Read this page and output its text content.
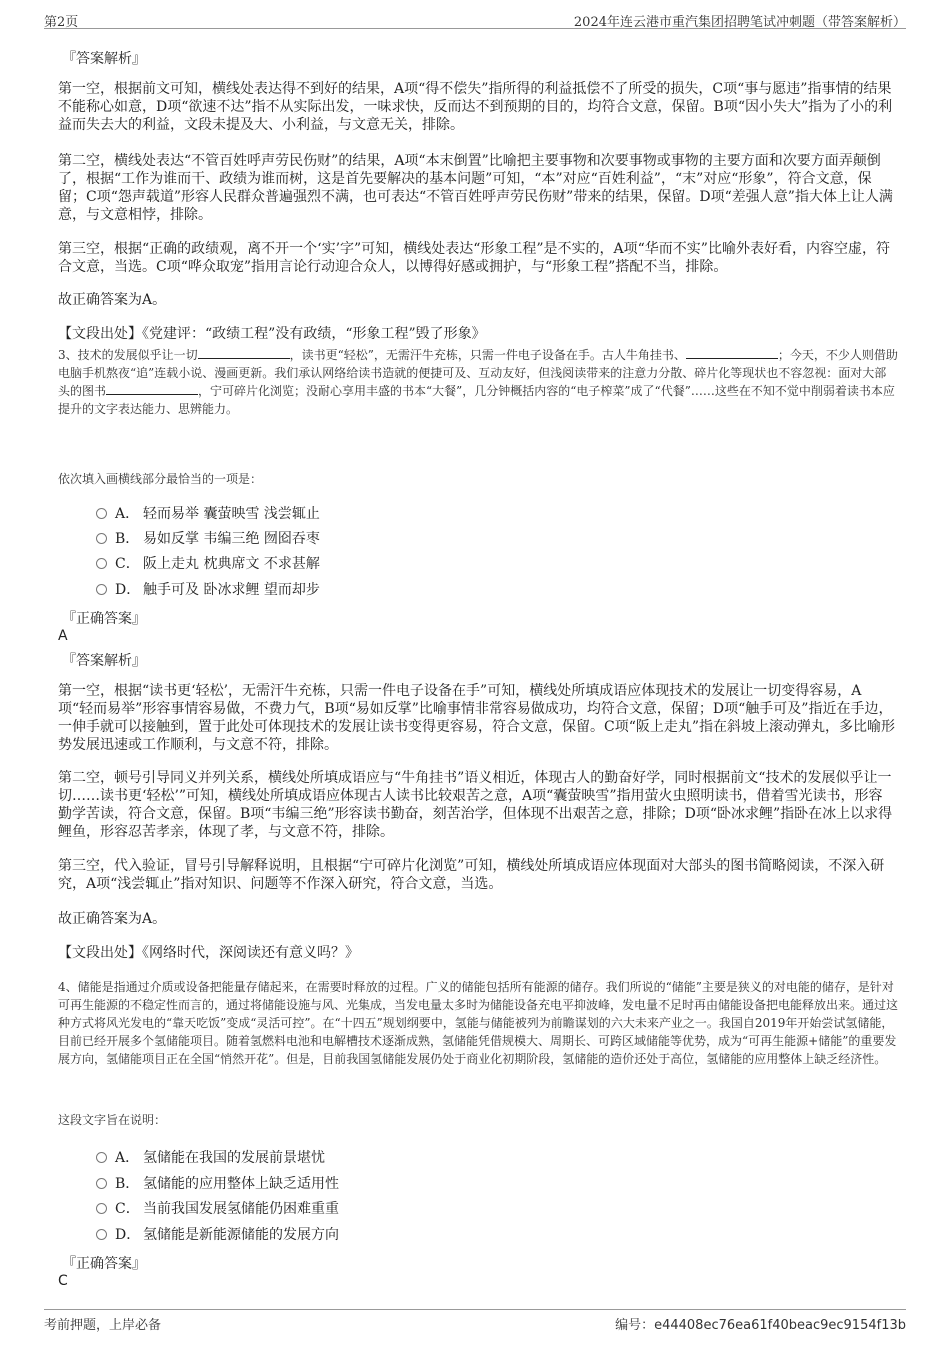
第2页	2024年连云港市重汽集团招聘笔试冲刺题（带答案解析）
『答案解析』

第一空，根据前文可知，横线处表达得不到好的结果，A项“得不偿失”指所得的利益抵偿不了所受的损失，C项“事与愿违”指事情的结果不能称心如意，D项“欲速不达”指不从实际出发，一味求快，反而达不到预期的目的，均符合文意，保留。B项“因小失大”指为了小的利益而失去大的利益，文段未提及大、小利益，与文意无关，排除。

第二空，横线处表达“不管百姓呼声劳民伤财”的结果，A项“本末倒置”比喻把主要事物和次要事物或事物的主要方面和次要方面弄颠倒了，根据“工作为谁而干、政绩为谁而树，这是首先要解决的基本问题”可知，“本”对应“百姓利益”，“末”对应“形象”，符合文意，保留；C项“怨声载道”形容人民群众普遍强烈不满，也可表达“不管百姓呼声劳民伤财”带来的结果，保留。D项“差强人意”指大体上让人满意，与文意相悖，排除。

第三空，根据“正确的政绩观，离不开一个‘实’字”可知，横线处表达“形象工程”是不实的，A项“华而不实”比喻外表好看，内容空虚，符合文意，当选。C项“哗众取宠”指用言论行动迎合众人，以博得好感或拥护，与“形象工程”搭配不当，排除。

故正确答案为A。

【文段出处】《党建评：“政绩工程”没有政绩，“形象工程”毁了形象》

3、技术的发展似乎让一切	，读书更“轻松”，无需汗牛充栋，只需一件电子设备在手。古人牛角挂书、	；今天，不少人则借助电脑手机熬夜“追”连载小说、漫画更新。我们承认网络给读书造就的便捷可及、互动友好，但浅阅读带来的注意力分散、碎片化等现状也不容忽视：面对大部头的图书	，宁可碎片化浏览；没耐心享用丰盛的书本“大餐”，几分钟概括内容的“电子榨菜”成了“代餐”……这些在不知不觉中削弱着读书本应提升的文字表达能力、思辨能力。

依次填入画横线部分最恰当的一项是：

A． 轻而易举 囊萤映雪 浅尝辄止
B． 易如反掌 韦编三绝 囫囵吞枣
C． 阪上走丸 枕典席文 不求甚解
D． 触手可及 卧冰求鲤 望而却步
『正确答案』
A
『答案解析』

第一空，根据“读书更‘轻松’，无需汗牛充栋，只需一件电子设备在手”可知，横线处所填成语应体现技术的发展让一切变得容易，A项“轻而易举”形容事情容易做，不费力气，B项“易如反掌”比喻事情非常容易做成功，均符合文意，保留；D项“触手可及”指近在手边，一伸手就可以接触到，置于此处可体现技术的发展让读书变得更容易，符合文意，保留。C项“阪上走丸”指在斜坡上滚动弹丸，多比喻形势发展迅速或工作顺利，与文意不符，排除。

第二空，顿号引导同义并列关系，横线处所填成语应与“牛角挂书”语义相近，体现古人的勤奋好学，同时根据前文“技术的发展似乎让一切……读书更‘轻松’”可知，横线处所填成语应体现古人读书比较艰苦之意，A项“囊萤映雪”指用萤火虫照明读书，借着雪光读书，形容勤学苦读，符合文意，保留。B项“韦编三绝”形容读书勤奋，刻苦治学，但体现不出艰苦之意，排除；D项“卧冰求鲤”指卧在冰上以求得鲤鱼，形容忍苦孝亲，体现了孝，与文意不符，排除。

第三空，代入验证，冒号引导解释说明，且根据“宁可碎片化浏览”可知，横线处所填成语应体现面对大部头的图书简略阅读，不深入研究，A项“浅尝辄止”指对知识、问题等不作深入研究，符合文意，当选。

故正确答案为A。

【文段出处】《网络时代，深阅读还有意义吗？》

4、储能是指通过介质或设备把能量存储起来，在需要时释放的过程。广义的储能包括所有能源的储存。我们所说的“储能”主要是狭义的对电能的储存，是针对可再生能源的不稳定性而言的，通过将储能设施与风、光集成，当发电量太多时为储能设备充电平抑波峰，发电量不足时再由储能设备把电能释放出来。通过这种方式将风光发电的“靠天吃饭”变成“灵活可控”。在“十四五”规划纲要中，氢能与储能被列为前瞻谋划的六大未来产业之一。我国自2019年开始尝试氢储能，目前已经开展多个氢储能项目。随着氢燃料电池和电解槽技术逐渐成熟，氢储能凭借规模大、周期长、可跨区域储能等优势，成为“可再生能源+储能”的重要发展方向，氢储能项目正在全国“悄然开花”。但是，目前我国氢储能发展仍处于商业化初期阶段，氢储能的造价还处于高位，氢储能的应用整体上缺乏经济性。

这段文字旨在说明：

A． 氢储能在我国的发展前景堪忧
B． 氢储能的应用整体上缺乏适用性
C． 当前我国发展氢储能仍困难重重
D． 氢储能是新能源储能的发展方向
『正确答案』
C
考前押题，上岸必备	编号：e44408ec76ea61f40beac9ec9154f13b
